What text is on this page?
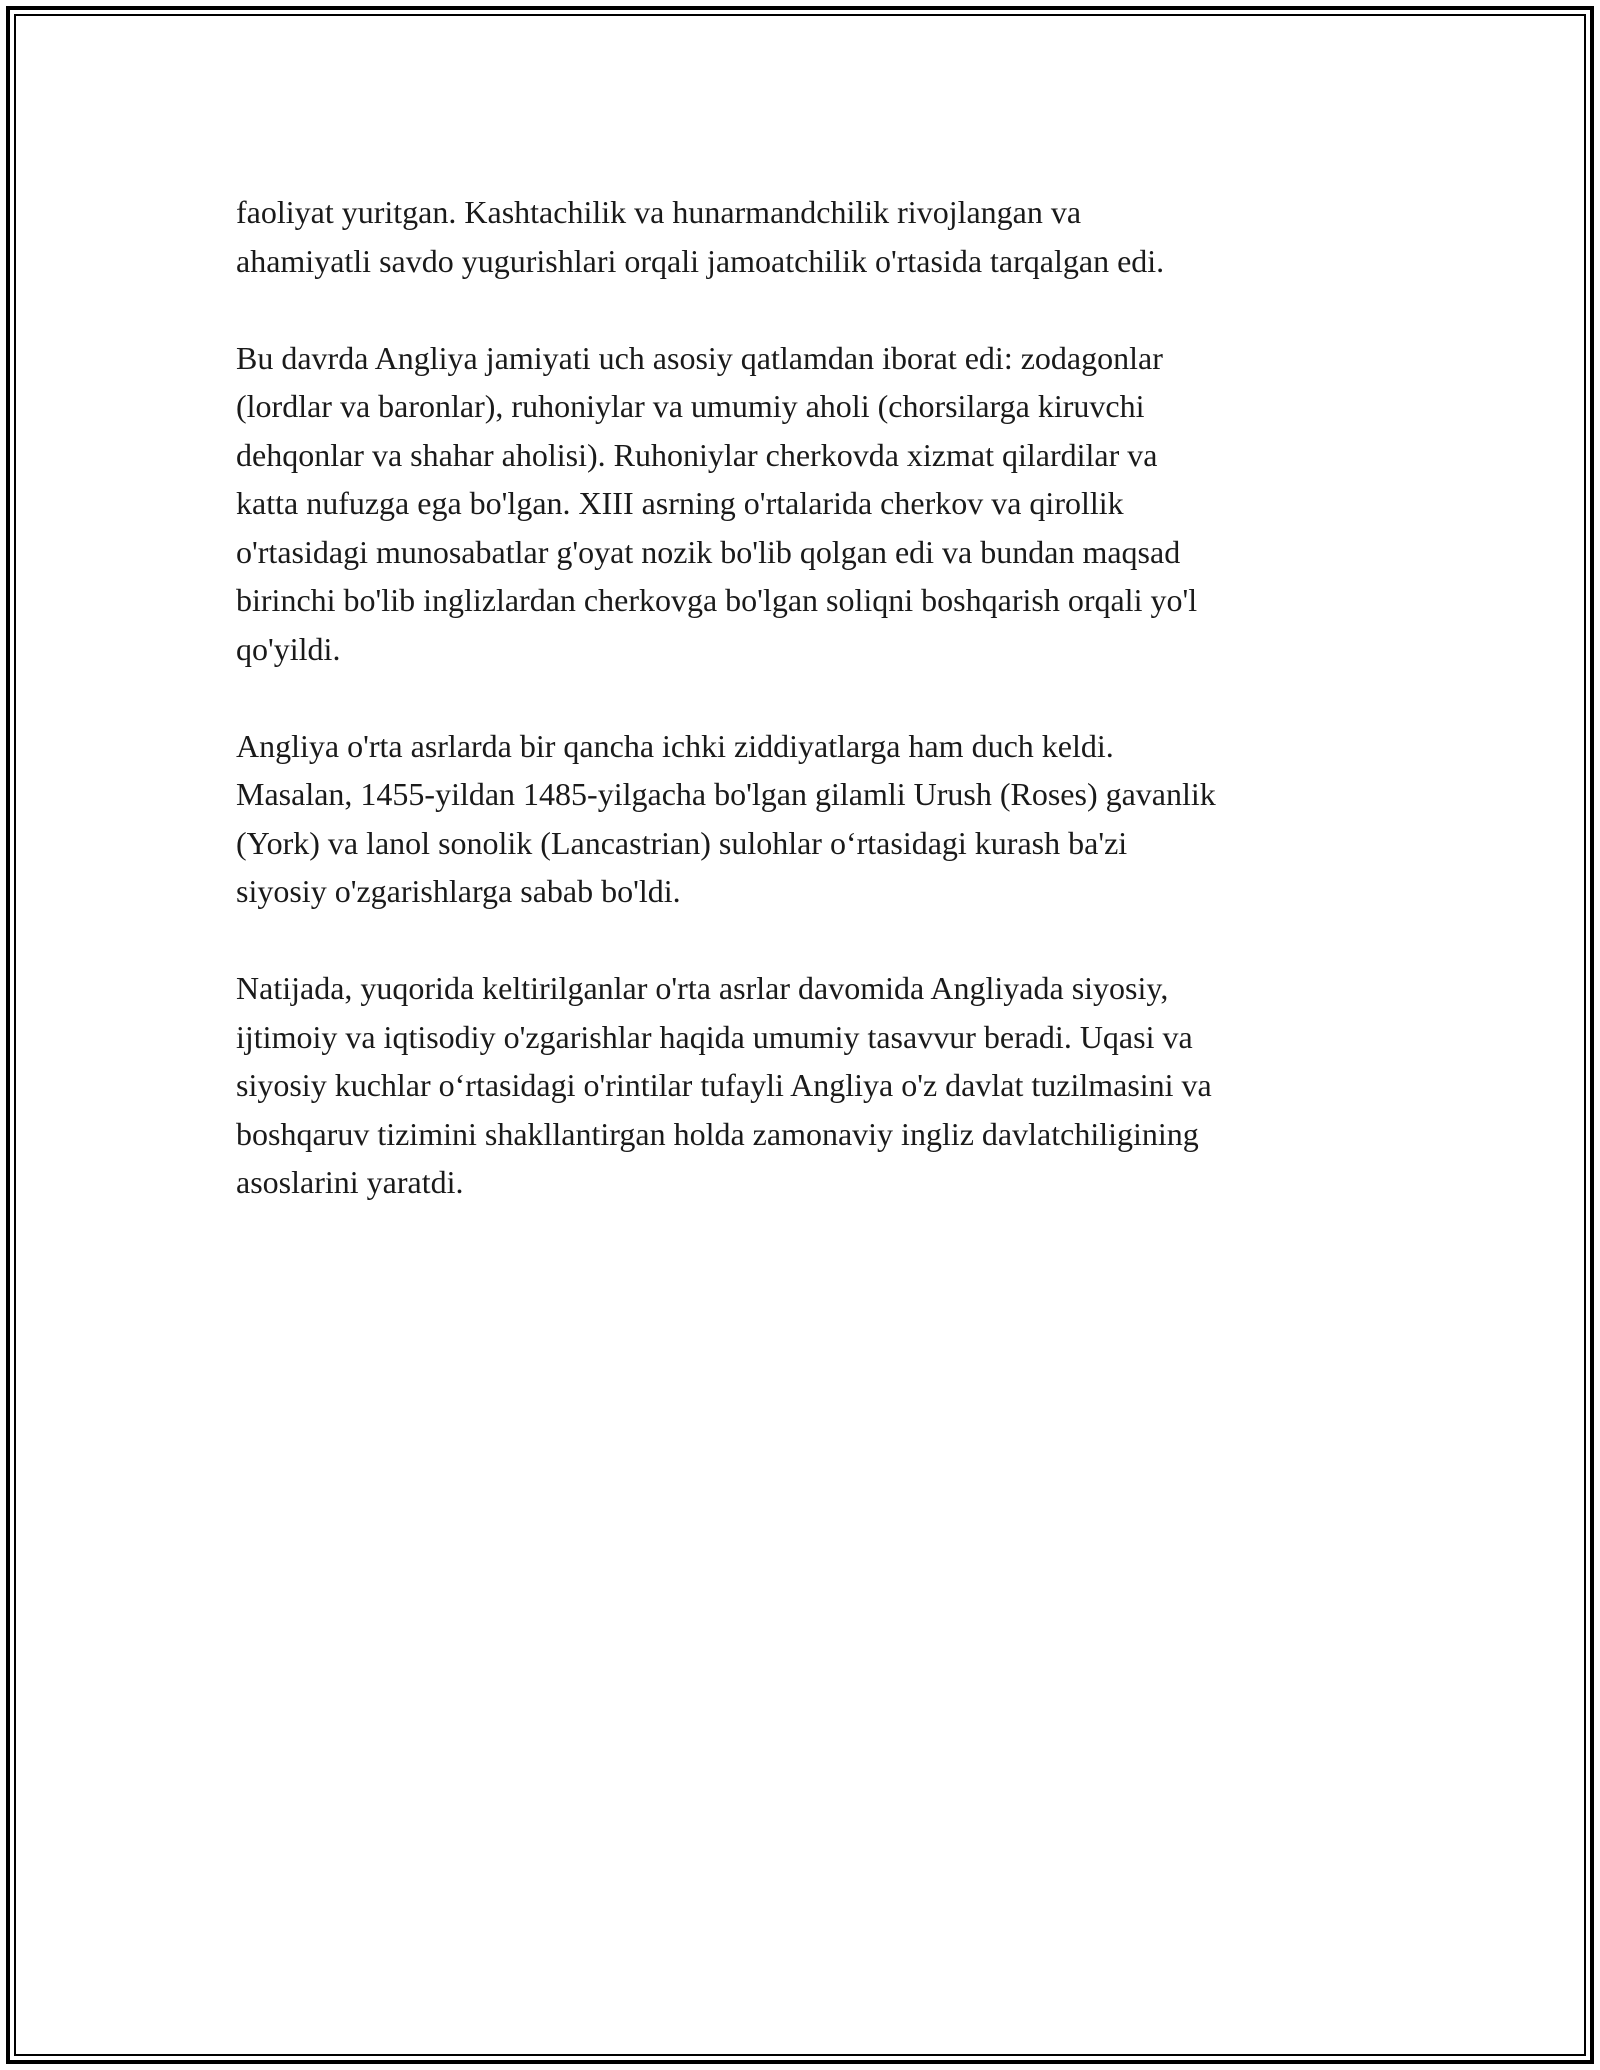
faoliyat yuritgan. Kashtachilik va hunarmandchilik rivojlangan va
ahamiyatli savdo yugurishlari orqali jamoatchilik o'rtasida tarqalgan edi.

Bu davrda Angliya jamiyati uch asosiy qatlamdan iborat edi: zodagonlar
(lordlar va baronlar), ruhoniylar va umumiy aholi (chorsilarga kiruvchi
dehqonlar va shahar aholisi). Ruhoniylar cherkovda xizmat qilardilar va
katta nufuzga ega bo'lgan. XIII asrning o'rtalarida cherkov va qirollik
o'rtasidagi munosabatlar g'oyat nozik bo'lib qolgan edi va bundan maqsad
birinchi bo'lib inglizlardan cherkovga bo'lgan soliqni boshqarish orqali yo'l
qo'yildi.

Angliya o'rta asrlarda bir qancha ichki ziddiyatlarga ham duch keldi.
Masalan, 1455-yildan 1485-yilgacha bo'lgan gilamli Urush (Roses) gavanlik
(York) va lanol sonolik (Lancastrian) sulohlar o‘rtasidagi kurash ba'zi
siyosiy o'zgarishlarga sabab bo'ldi.

Natijada, yuqorida keltirilganlar o'rta asrlar davomida Angliyada siyosiy,
ijtimoiy va iqtisodiy o'zgarishlar haqida umumiy tasavvur beradi. Uqasi va
siyosiy kuchlar o‘rtasidagi o'rintilar tufayli Angliya o'z davlat tuzilmasini va
boshqaruv tizimini shakllantirgan holda zamonaviy ingliz davlatchiligining
asoslarini yaratdi.
